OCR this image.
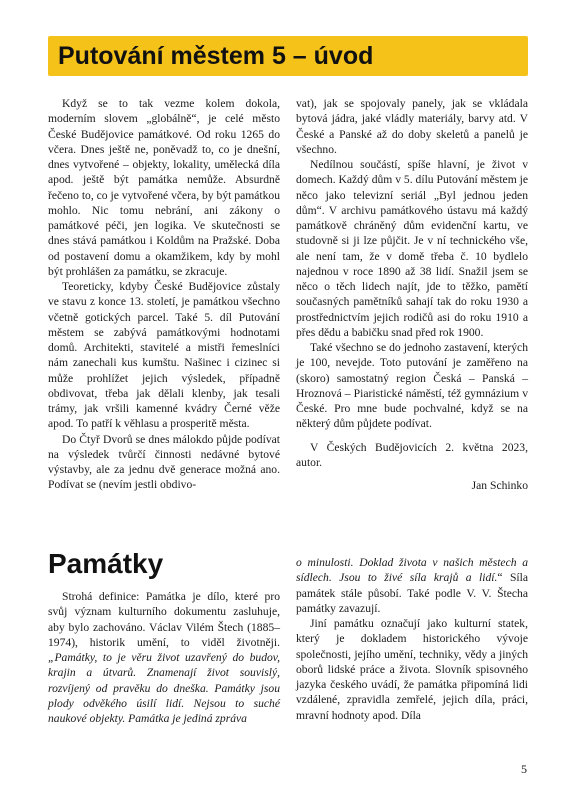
Putování městem 5 – úvod

Když se to tak vezme kolem dokola, moderním slovem „globálně“, je celé město České Budějovice památkové. Od roku 1265 do včera. Dnes ještě ne, poněvadž to, co je dnešní, dnes vytvořené – objekty, lokality, umělecká díla apod. ještě být památka nemůže. Absurdně řečeno to, co je vytvořené včera, by být památkou mohlo. Nic tomu nebrání, ani zákony o památkové péči, jen logika. Ve skutečnosti se dnes stává památkou i Koldům na Pražské. Doba od postavení domu a okamžikem, kdy by mohl být prohlášen za památku, se zkracuje.

Teoreticky, kdyby České Budějovice zůstaly ve stavu z konce 13. století, je památkou všechno včetně gotických parcel. Také 5. díl Putování městem se zabývá památkovými hodnotami domů. Architekti, stavitelé a mistři řemeslníci nám zanechali kus kumštu. Našinec i cizinec si může prohlížet jejich výsledek, případně obdivovat, třeba jak dělali klenby, jak tesali trámy, jak vršili kamenné kvádry Černé věže apod. To patří k věhlasu a prosperitě města.

Do Čtyř Dvorů se dnes málokdo půjde podívat na výsledek tvůrčí činnosti nedávné bytové výstavby, ale za jednu dvě generace možná ano. Podívat se (nevím jestli obdivo-

vat), jak se spojovaly panely, jak se vkládala bytová jádra, jaké vládly materiály, barvy atd. V České a Panské až do doby skeletů a panelů je všechno.

Nedílnou součástí, spíše hlavní, je život v domech. Každý dům v 5. dílu Putování městem je něco jako televizní seriál „Byl jednou jeden dům“. V archivu památkového ústavu má každý památkově chráněný dům evidenční kartu, ve studovně si ji lze půjčit. Je v ní technického vše, ale není tam, že v domě třeba č. 10 bydlelo najednou v roce 1890 až 38 lidí. Snažil jsem se něco o těch lidech najít, jde to těžko, pamětí současných pamětníků sahají tak do roku 1930 a prostřednictvím jejich rodičů asi do roku 1910 a přes dědu a babičku snad před rok 1900.

Také všechno se do jednoho zastavení, kterých je 100, nevejde. Toto putování je zaměřeno na (skoro) samostatný region Česká – Panská – Hroznová – Piaristické náměstí, též gymnázium v České. Pro mne bude pochvalné, když se na některý dům půjdete podívat.

V Českých Budějovicích 2. května 2023, autor.

Jan Schinko

Památky

Strohá definice: Památka je dílo, které pro svůj význam kulturního dokumentu zasluhuje, aby bylo zachováno. Václav Vilém Štech (1885–1974), historik umění, to viděl životněji. „Památky, to je věru život uzavřený do budov, krajin a útvarů. Znamenají život souvislý, rozvíjený od pravěku do dneška. Památky jsou plody odvěkého úsilí lidí. Nejsou to suché naukové objekty. Památka je jediná zpráva

o minulosti. Doklad života v našich městech a sídlech. Jsou to živé síla krajů a lidí.“ Síla památek stále působí. Také podle V. V. Štecha památky zavazují.

Jiní památku označují jako kulturní statek, který je dokladem historického vývoje společnosti, jejího umění, techniky, vědy a jiných oborů lidské práce a života. Slovník spisovného jazyka českého uvádí, že památka připomíná lidi vzdálené, zpravidla zemřelé, jejich díla, práci, mravní hodnoty apod. Díla

5
